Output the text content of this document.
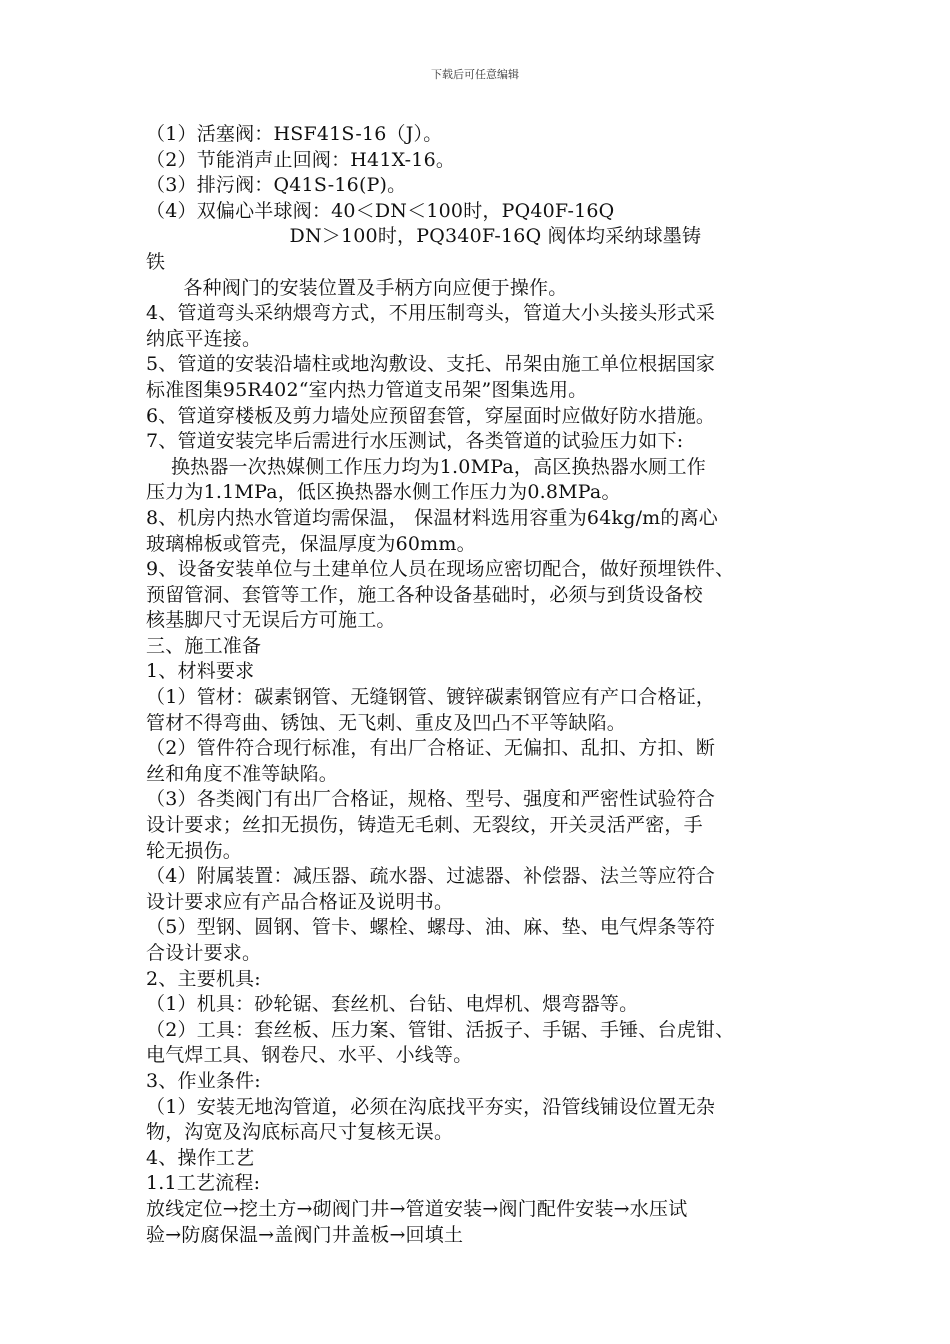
下载后可任意编辑
（1）活塞阀：HSF41S-16（J）。
（2）节能消声止回阀：H41X-16。
（3）排污阀：Q41S-16(P)。
（4）双偏心半球阀：40＜DN＜100时，PQ40F-16Q
DN＞100时，PQ340F-16Q 阀体均采纳球墨铸
铁
各种阀门的安装位置及手柄方向应便于操作。
4、管道弯头采纳煨弯方式，不用压制弯头，管道大小头接头形式采
纳底平连接。
5、管道的安装沿墙柱或地沟敷设、支托、吊架由施工单位根据国家
标准图集95R402“室内热力管道支吊架”图集选用。
6、管道穿楼板及剪力墙处应预留套管，穿屋面时应做好防水措施。
7、管道安装完毕后需进行水压测试，各类管道的试验压力如下:
换热器一次热媒侧工作压力均为1.0MPa，高区换热器水厕工作
压力为1.1MPa，低区换热器水侧工作压力为0.8MPa。
8、机房内热水管道均需保温， 保温材料选用容重为64kg/m的离心
玻璃棉板或管壳，保温厚度为60mm。
9、设备安装单位与土建单位人员在现场应密切配合，做好预埋铁件、
预留管洞、套管等工作，施工各种设备基础时，必须与到货设备校
核基脚尺寸无误后方可施工。
三、施工准备
1、材料要求
（1）管材：碳素钢管、无缝钢管、镀锌碳素钢管应有产口合格证，
管材不得弯曲、锈蚀、无飞刺、重皮及凹凸不平等缺陷。
（2）管件符合现行标准，有出厂合格证、无偏扣、乱扣、方扣、断
丝和角度不准等缺陷。
（3）各类阀门有出厂合格证，规格、型号、强度和严密性试验符合
设计要求；丝扣无损伤，铸造无毛刺、无裂纹，开关灵活严密，手
轮无损伤。
（4）附属装置：减压器、疏水器、过滤器、补偿器、法兰等应符合
设计要求应有产品合格证及说明书。
（5）型钢、圆钢、管卡、螺栓、螺母、油、麻、垫、电气焊条等符
合设计要求。
2、主要机具:
（1）机具：砂轮锯、套丝机、台钻、电焊机、煨弯器等。
（2）工具：套丝板、压力案、管钳、活扳子、手锯、手锤、台虎钳、
电气焊工具、钢卷尺、水平、小线等。
3、作业条件:
（1）安装无地沟管道，必须在沟底找平夯实，沿管线铺设位置无杂
物，沟宽及沟底标高尺寸复核无误。
4、操作工艺
1.1工艺流程:
放线定位→挖土方→砌阀门井→管道安装→阀门配件安装→水压试
验→防腐保温→盖阀门井盖板→回填土
